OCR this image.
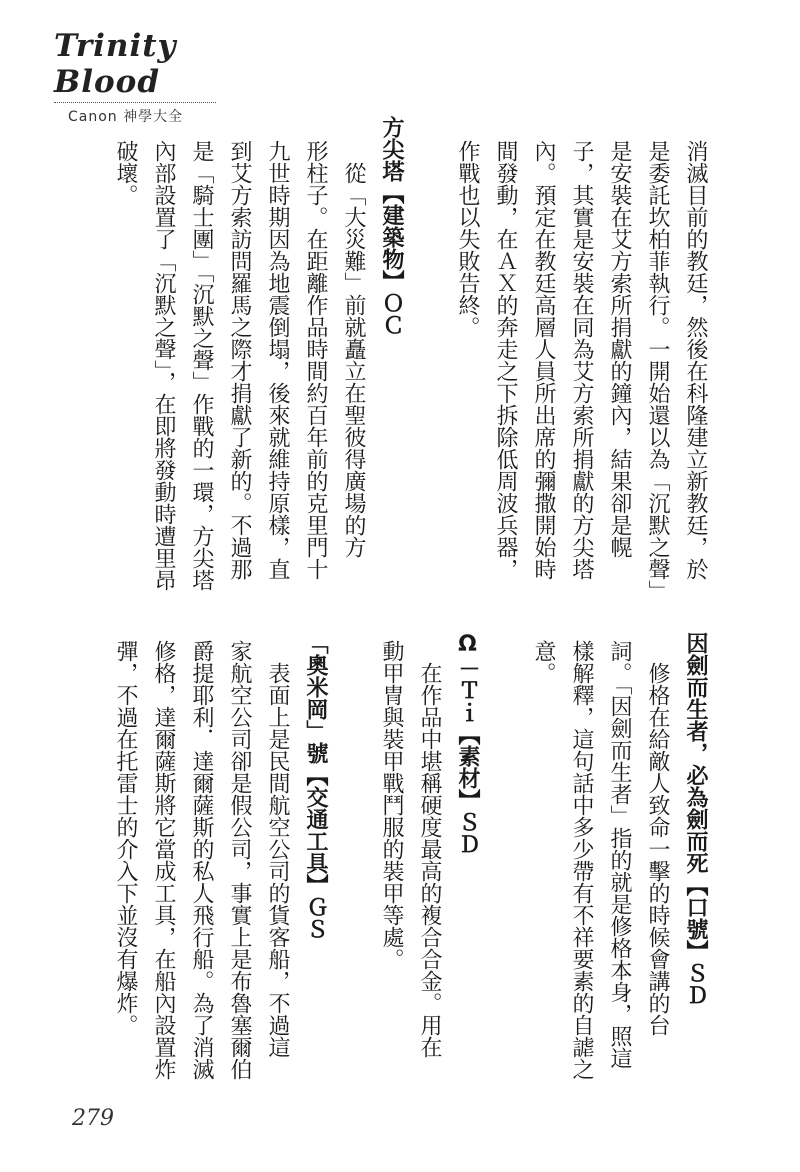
Trinity Blood
Canon 神學大全
消滅目前的教廷，然後在科隆建立新教廷，於
是委託坎柏菲執行。一開始還以為「沉默之聲」
是安裝在艾方索所捐獻的鐘內，結果卻是幌
子，其實是安裝在同為艾方索所捐獻的方尖塔
內。預定在教廷高層人員所出席的彌撒開始時
間發動，在ＡＸ的奔走之下拆除低周波兵器，
作戰也以失敗告終。
方尖塔【建築物】ＯＣ
　從「大災難」前就矗立在聖彼得廣場的方
形柱子。在距離作品時間約百年前的克里門十
九世時期因為地震倒塌，後來就維持原樣，直
到艾方索訪問羅馬之際才捐獻了新的。不過那
是「騎士團」「沉默之聲」作戰的一環，方尖塔
內部設置了「沉默之聲」，在即將發動時遭里昂
破壞。
因劍而生者，必為劍而死【口號】ＳＤ
　修格在給敵人致命一擊的時候會講的台
詞。「因劍而生者」指的就是修格本身，照這
樣解釋，這句話中多少帶有不祥要素的自謔之
意。
Ω－Ｔｉ【素材】ＳＤ
　在作品中堪稱硬度最高的複合合金。用在
動甲冑與裝甲戰鬥服的裝甲等處。
「奧米岡」號【交通工具】ＧＳ
　表面上是民間航空公司的貨客船，不過這
家航空公司卻是假公司，事實上是布魯塞爾伯
爵提耶利．達爾薩斯的私人飛行船。為了消滅
修格，達爾薩斯將它當成工具，在船內設置炸
彈，不過在托雷士的介入下並沒有爆炸。
279
